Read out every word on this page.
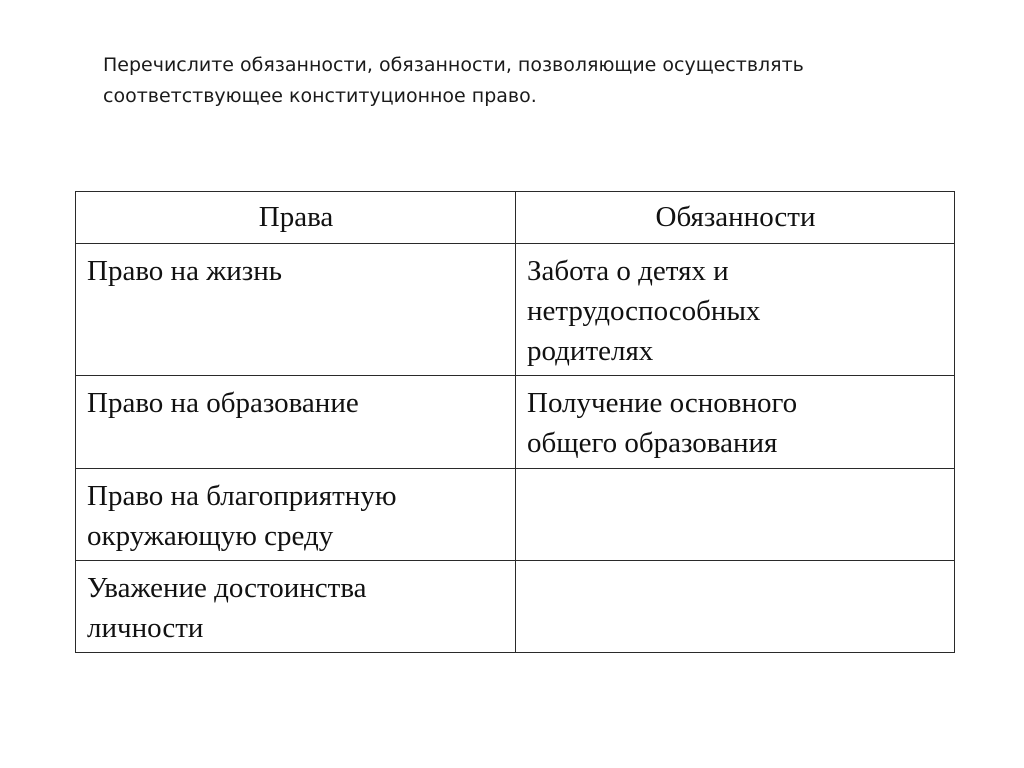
Перечислите обязанности, обязанности, позволяющие осуществлять
соответствующее конституционное право.

Права	Обязанности

Право на жизнь	Забота о детях и
нетрудоспособных
родителях

Право на образование	Получение основного
общего образования

Право на благоприятную
окружающую среду	

Уважение достоинства
личности	
